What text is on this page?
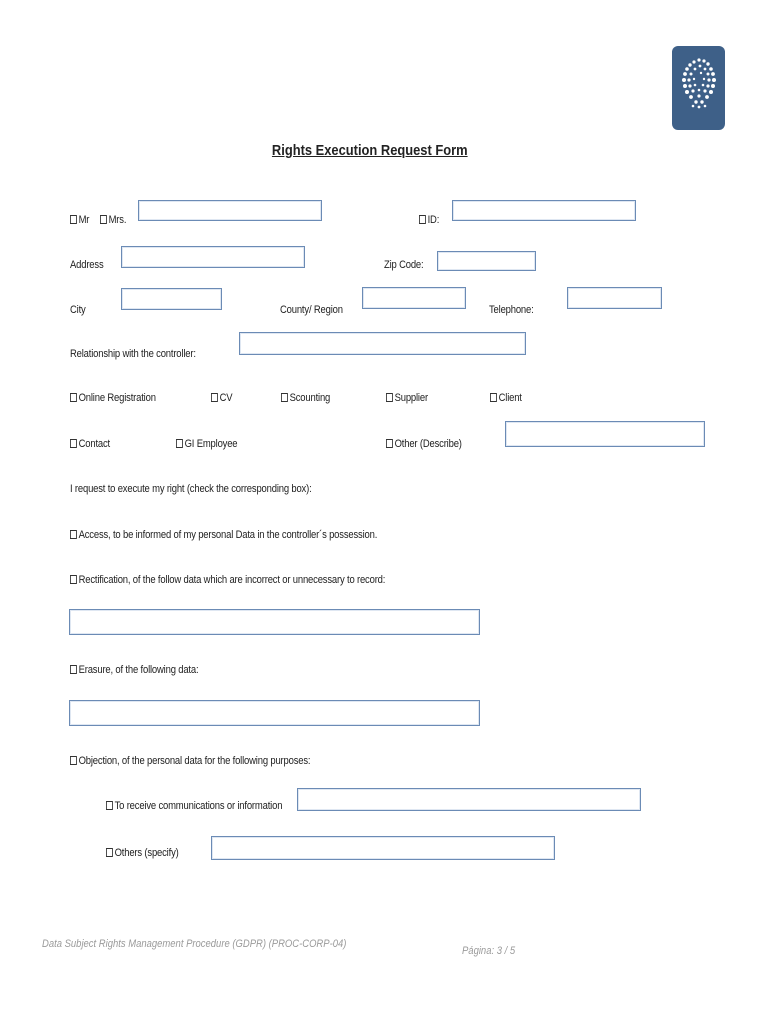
Rights Execution Request Form
Mr	Mrs.	ID:
Address	Zip Code:
City	County/ Region	Telephone:
Relationship with the controller:
Online Registration	CV	Scounting	Supplier	Client
Contact	GI Employee	Other (Describe)
I request to execute my right (check the corresponding box):
Access, to be informed of my personal Data in the controller´s possession.
Rectification, of the follow data which are incorrect or unnecessary to record:
Erasure, of the following data:
Objection, of the personal data for the following purposes:
To receive communications or information
Others (specify)
Data Subject Rights Management Procedure (GDPR) (PROC-CORP-04)
Página: 3 / 5
